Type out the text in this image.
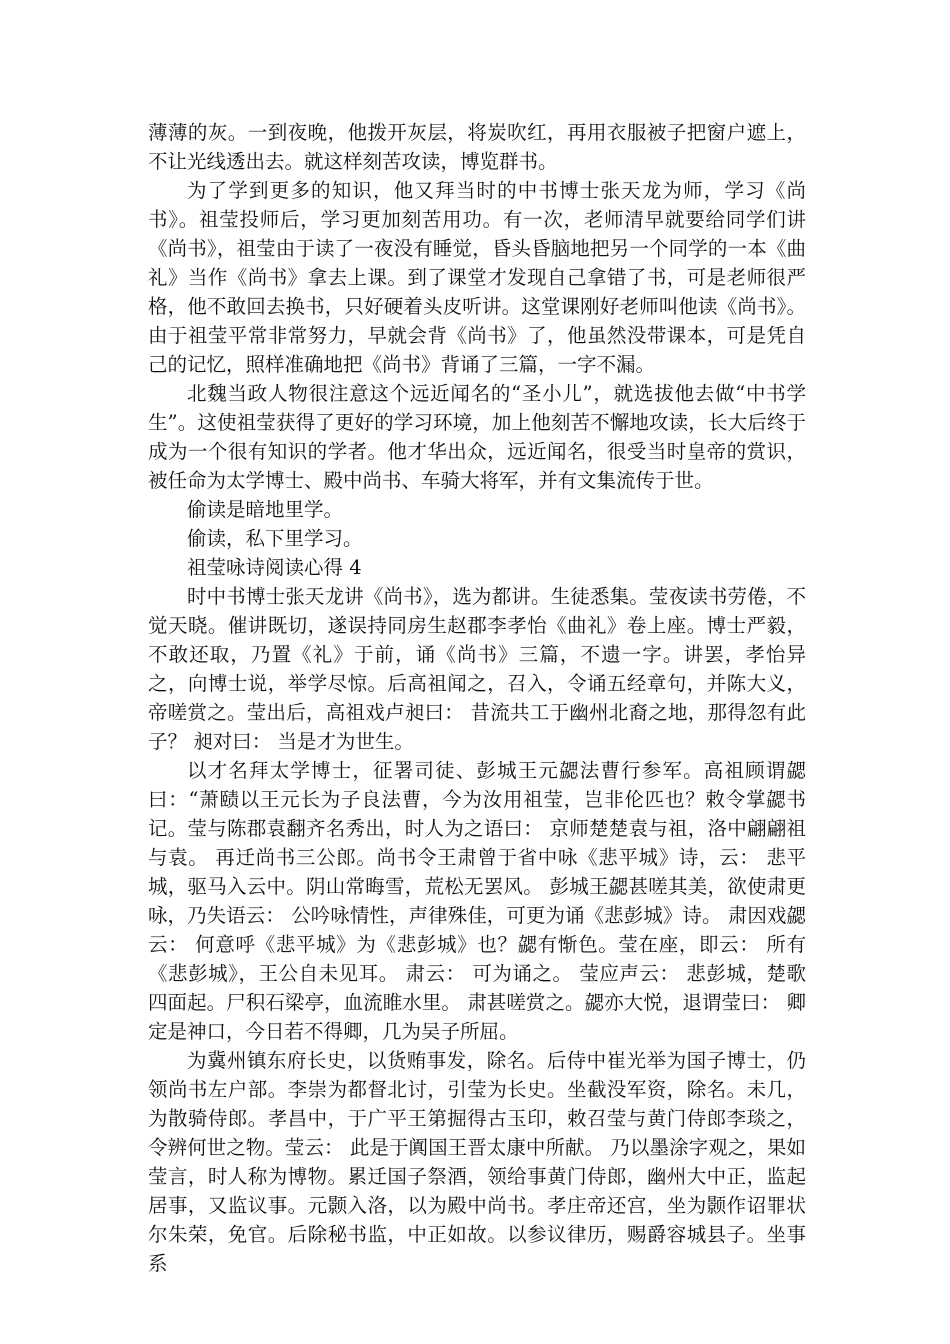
薄薄的灰。一到夜晚，他拨开灰层，将炭吹红，再用衣服被子把窗户遮上，不让光线透出去。就这样刻苦攻读，博览群书。

为了学到更多的知识，他又拜当时的中书博士张天龙为师，学习《尚书》。祖莹投师后，学习更加刻苦用功。有一次，老师清早就要给同学们讲《尚书》，祖莹由于读了一夜没有睡觉，昏头昏脑地把另一个同学的一本《曲礼》当作《尚书》拿去上课。到了课堂才发现自己拿错了书，可是老师很严格，他不敢回去换书，只好硬着头皮听讲。这堂课刚好老师叫他读《尚书》。由于祖莹平常非常努力，早就会背《尚书》了，他虽然没带课本，可是凭自己的记忆，照样准确地把《尚书》背诵了三篇，一字不漏。

北魏当政人物很注意这个远近闻名的“圣小儿”，就选拔他去做“中书学生”。这使祖莹获得了更好的学习环境，加上他刻苦不懈地攻读，长大后终于成为一个很有知识的学者。他才华出众，远近闻名，很受当时皇帝的赏识，被任命为太学博士、殿中尚书、车骑大将军，并有文集流传于世。

偷读是暗地里学。

偷读，私下里学习。

祖莹咏诗阅读心得 4

时中书博士张天龙讲《尚书》，选为都讲。生徒悉集。莹夜读书劳倦，不觉天晓。催讲既切，遂误持同房生赵郡李孝怡《曲礼》卷上座。博士严毅，不敢还取，乃置《礼》于前，诵《尚书》三篇，不遗一字。讲罢，孝怡异之，向博士说，举学尽惊。后高祖闻之，召入，令诵五经章句，并陈大义，帝嗟赏之。莹出后，高祖戏卢昶曰： 昔流共工于幽州北裔之地，那得忽有此子？ 昶对曰： 当是才为世生。

以才名拜太学博士，征署司徒、彭城王元勰法曹行参军。高祖顾谓勰曰：“萧赜以王元长为子良法曹，今为汝用祖莹，岂非伦匹也？敕令掌勰书记。莹与陈郡袁翻齐名秀出，时人为之语曰： 京师楚楚袁与祖，洛中翩翩祖与袁。 再迁尚书三公郎。尚书令王肃曾于省中咏《悲平城》诗，云： 悲平城，驱马入云中。阴山常晦雪，荒松无罢风。 彭城王勰甚嗟其美，欲使肃更咏，乃失语云： 公吟咏情性，声律殊佳，可更为诵《悲彭城》诗。 肃因戏勰云： 何意呼《悲平城》为《悲彭城》也？勰有惭色。莹在座，即云： 所有《悲彭城》，王公自未见耳。 肃云： 可为诵之。 莹应声云： 悲彭城，楚歌四面起。尸积石梁亭，血流睢水里。 肃甚嗟赏之。勰亦大悦，退谓莹曰： 卿定是神口，今日若不得卿，几为吴子所屈。

为冀州镇东府长史，以货贿事发，除名。后侍中崔光举为国子博士，仍领尚书左户部。李崇为都督北讨，引莹为长史。坐截没军资，除名。未几，为散骑侍郎。孝昌中，于广平王第掘得古玉印，敕召莹与黄门侍郎李琰之，令辨何世之物。莹云： 此是于阗国王晋太康中所献。 乃以墨涂字观之，果如莹言，时人称为博物。累迁国子祭酒，领给事黄门侍郎，幽州大中正，监起居事，又监议事。元颢入洛，以为殿中尚书。孝庄帝还宫，坐为颢作诏罪状尔朱荣，免官。后除秘书监，中正如故。以参议律历，赐爵容城县子。坐事系
